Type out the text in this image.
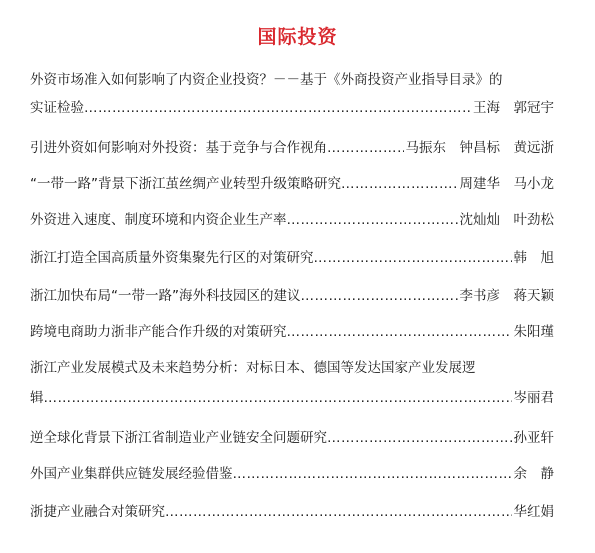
国际投资
外资市场准入如何影响了内资企业投资？－－基于《外商投资产业指导目录》的
实证检验 ……………………………………………………………………………………………………………………………………………………	王海　郭冠宇
引进外资如何影响对外投资：基于竞争与合作视角 ……………………………………………………………………………………………………………………………………………………	马振东　钟昌标　黄远浙
“一带一路”背景下浙江茧丝绸产业转型升级策略研究 ……………………………………………………………………………………………………………………………………………………	周建华　马小龙
外资进入速度、制度环境和内资企业生产率 ……………………………………………………………………………………………………………………………………………………	沈灿灿　叶劲松
浙江打造全国高质量外资集聚先行区的对策研究 ……………………………………………………………………………………………………………………………………………………	韩　旭
浙江加快布局“一带一路”海外科技园区的建议 ……………………………………………………………………………………………………………………………………………………	李书彦　蒋天颖
跨境电商助力浙非产能合作升级的对策研究 ……………………………………………………………………………………………………………………………………………………	朱阳瑾
浙江产业发展模式及未来趋势分析：对标日本、德国等发达国家产业发展逻
辑 ……………………………………………………………………………………………………………………………………………………	岑丽君
逆全球化背景下浙江省制造业产业链安全问题研究 ……………………………………………………………………………………………………………………………………………………	孙亚轩
外国产业集群供应链发展经验借鉴 ……………………………………………………………………………………………………………………………………………………	余　静
浙捷产业融合对策研究 ……………………………………………………………………………………………………………………………………………………	华红娟
